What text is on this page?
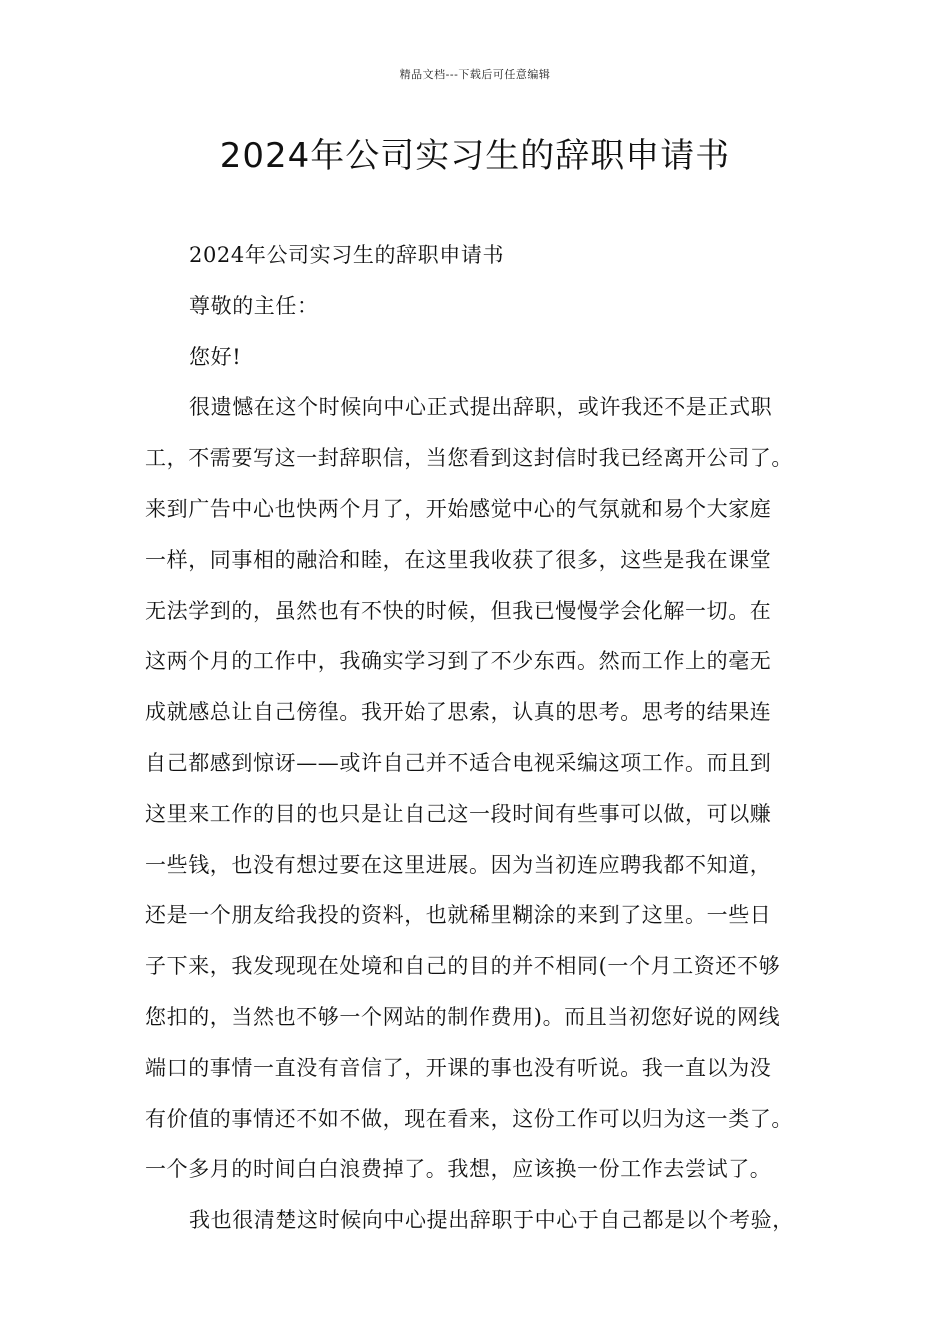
精品文档---下载后可任意编辑
2024年公司实习生的辞职申请书
2024年公司实习生的辞职申请书
尊敬的主任：
您好!
很遗憾在这个时候向中心正式提出辞职，或许我还不是正式职
工，不需要写这一封辞职信，当您看到这封信时我已经离开公司了。
来到广告中心也快两个月了，开始感觉中心的气氛就和易个大家庭
一样，同事相的融洽和睦，在这里我收获了很多，这些是我在课堂
无法学到的，虽然也有不快的时候，但我已慢慢学会化解一切。在
这两个月的工作中，我确实学习到了不少东西。然而工作上的毫无
成就感总让自己傍徨。我开始了思索，认真的思考。思考的结果连
自己都感到惊讶——或许自己并不适合电视采编这项工作。而且到
这里来工作的目的也只是让自己这一段时间有些事可以做，可以赚
一些钱，也没有想过要在这里进展。因为当初连应聘我都不知道，
还是一个朋友给我投的资料，也就稀里糊涂的来到了这里。一些日
子下来，我发现现在处境和自己的目的并不相同(一个月工资还不够
您扣的，当然也不够一个网站的制作费用)。而且当初您好说的网线
端口的事情一直没有音信了，开课的事也没有听说。我一直以为没
有价值的事情还不如不做，现在看来，这份工作可以归为这一类了。
一个多月的时间白白浪费掉了。我想，应该换一份工作去尝试了。
我也很清楚这时候向中心提出辞职于中心于自己都是以个考验，
